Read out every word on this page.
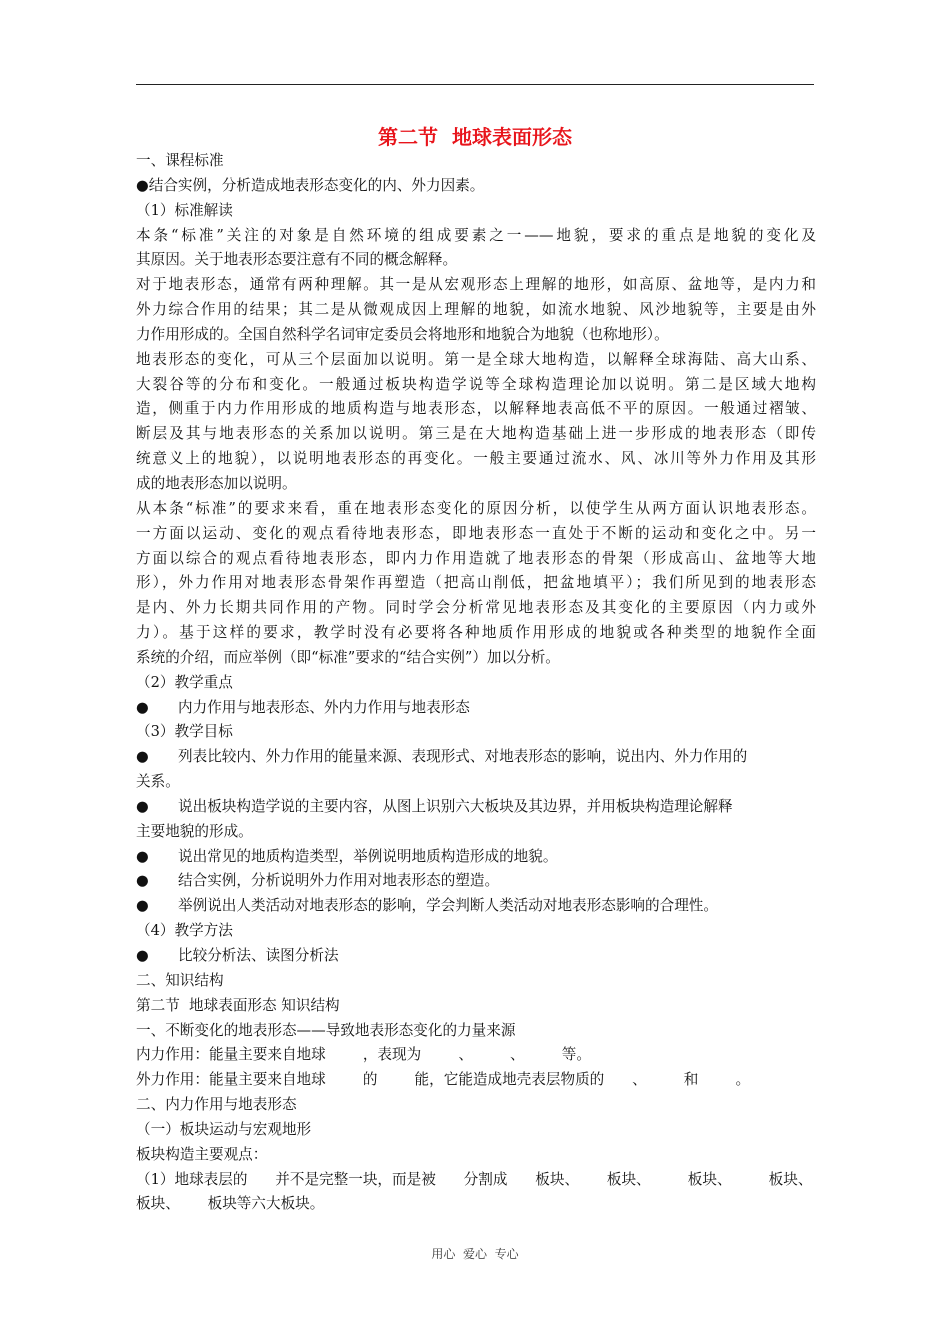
第二节  地球表面形态
一、课程标准
●结合实例，分析造成地表形态变化的内、外力因素。
（1）标准解读
本条“标准”关注的对象是自然环境的组成要素之一——地貌，要求的重点是地貌的变化及
其原因。关于地表形态要注意有不同的概念解释。
对于地表形态，通常有两种理解。其一是从宏观形态上理解的地形，如高原、盆地等，是内力和
外力综合作用的结果；其二是从微观成因上理解的地貌，如流水地貌、风沙地貌等，主要是由外
力作用形成的。全国自然科学名词审定委员会将地形和地貌合为地貌（也称地形）。
地表形态的变化，可从三个层面加以说明。第一是全球大地构造，以解释全球海陆、高大山系、
大裂谷等的分布和变化。一般通过板块构造学说等全球构造理论加以说明。第二是区域大地构
造，侧重于内力作用形成的地质构造与地表形态，以解释地表高低不平的原因。一般通过褶皱、
断层及其与地表形态的关系加以说明。第三是在大地构造基础上进一步形成的地表形态（即传
统意义上的地貌），以说明地表形态的再变化。一般主要通过流水、风、冰川等外力作用及其形
成的地表形态加以说明。
从本条“标准”的要求来看，重在地表形态变化的原因分析，以使学生从两方面认识地表形态。
一方面以运动、变化的观点看待地表形态，即地表形态一直处于不断的运动和变化之中。另一
方面以综合的观点看待地表形态，即内力作用造就了地表形态的骨架（形成高山、盆地等大地
形），外力作用对地表形态骨架作再塑造（把高山削低，把盆地填平）；我们所见到的地表形态
是内、外力长期共同作用的产物。同时学会分析常见地表形态及其变化的主要原因（内力或外
力）。基于这样的要求，教学时没有必要将各种地质作用形成的地貌或各种类型的地貌作全面
系统的介绍，而应举例（即“标准”要求的“结合实例”）加以分析。
（2）教学重点
●	内力作用与地表形态、外内力作用与地表形态
（3）教学目标
●	列表比较内、外力作用的能量来源、表现形式、对地表形态的影响，说出内、外力作用的
关系。
●	说出板块构造学说的主要内容，从图上识别六大板块及其边界，并用板块构造理论解释
主要地貌的形成。
●	说出常见的地质构造类型，举例说明地质构造形成的地貌。
●	结合实例，分析说明外力作用对地表形态的塑造。
●	举例说出人类活动对地表形态的影响，学会判断人类活动对地表形态影响的合理性。
（4）教学方法
●	比较分析法、读图分析法
二、知识结构
第二节  地球表面形态 知识结构
一、不断变化的地表形态——导致地表形态变化的力量来源
内力作用：能量主要来自地球        ，表现为        、        、        等。
外力作用：能量主要来自地球        的        能，它能造成地壳表层物质的      、        和        。
二、内力作用与地表形态
（一）板块运动与宏观地形
板块构造主要观点：
（1）地球表层的      并不是完整一块，而是被      分割成      板块、      板块、        板块、        板块、
板块、      板块等六大板块。
用心  爱心  专心
